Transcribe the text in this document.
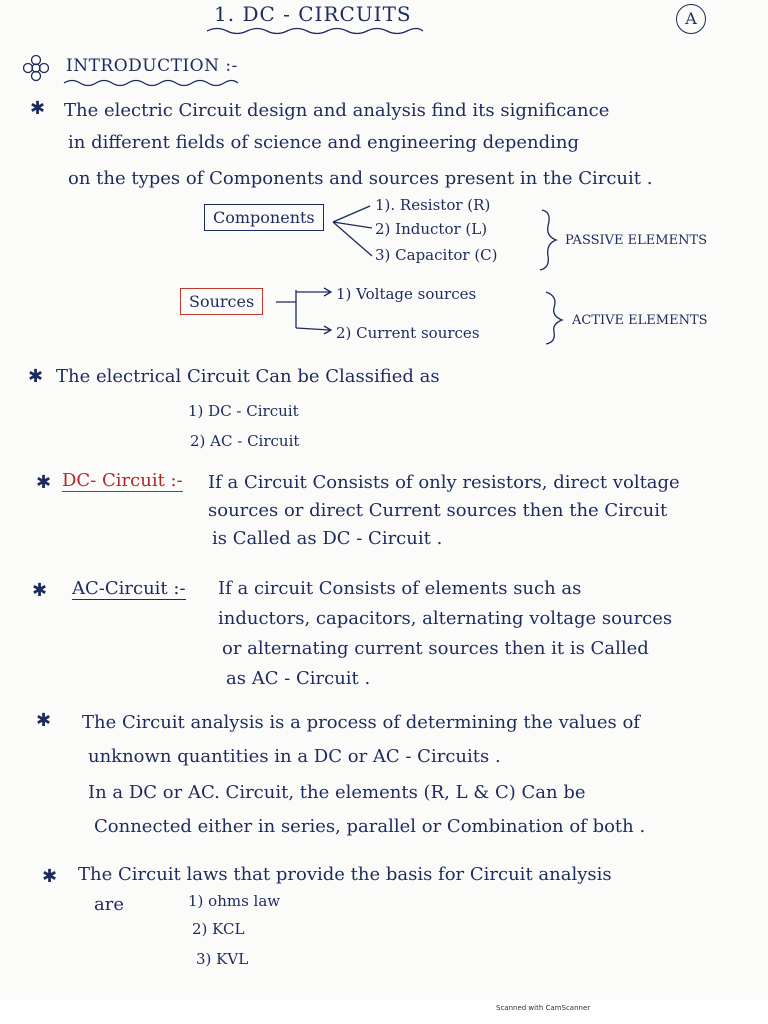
1. DC - CIRCUITS	A
INTRODUCTION :-
✱ The electric Circuit design and analysis find its significance
in different fields of science and engineering depending
on the types of Components and sources present in the Circuit .
Components
1). Resistor (R)
2) Inductor (L)
3) Capacitor (C)
PASSIVE ELEMENTS
Sources	1) Voltage sources
2) Current sources
ACTIVE ELEMENTS
✱ The electrical Circuit Can be Classified as
1) DC - Circuit
2) AC - Circuit
✱ DC- Circuit :- If a Circuit Consists of only resistors, direct voltage
sources or direct Current sources then the Circuit
is Called as DC - Circuit .
✱ AC-Circuit :- If a circuit Consists of elements such as
inductors, capacitors, alternating voltage sources
or alternating current sources then it is Called
as AC - Circuit .
✱ The Circuit analysis is a process of determining the values of
unknown quantities in a DC or AC - Circuits .
In a DC or AC. Circuit, the elements (R, L & C) Can be
Connected either in series, parallel or Combination of both .
✱ The Circuit laws that provide the basis for Circuit analysis
are	1) ohms law
2) KCL
3) KVL
Scanned with CamScanner
